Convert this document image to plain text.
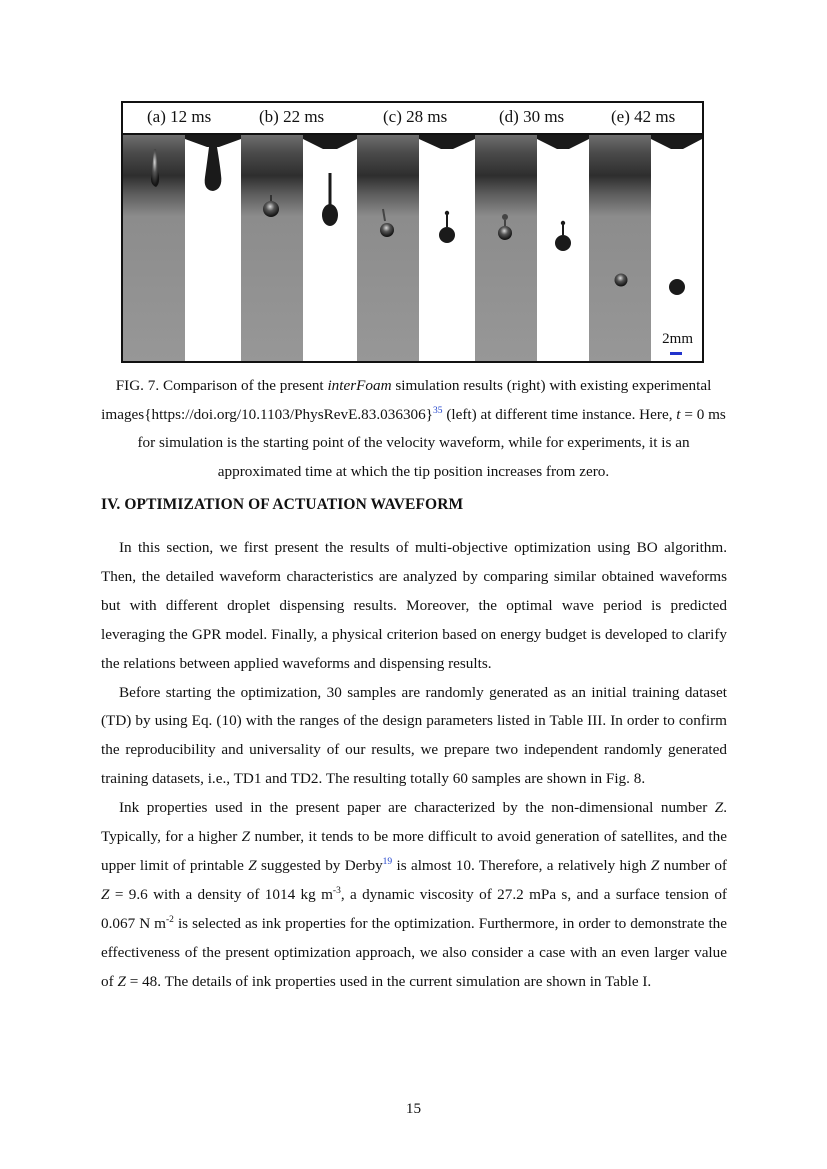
(a) 12 ms	(b) 22 ms	(c) 28 ms	(d) 30 ms	(e) 42 ms
2mm
FIG. 7. Comparison of the present interFoam simulation results (right) with existing experimental images{https://doi.org/10.1103/PhysRevE.83.036306}$^{35}$ (left) at different time instance. Here, t = 0 ms for simulation is the starting point of the velocity waveform, while for experiments, it is an approximated time at which the tip position increases from zero.
IV. OPTIMIZATION OF ACTUATION WAVEFORM

In this section, we first present the results of multi-objective optimization using BO algorithm. Then, the detailed waveform characteristics are analyzed by comparing similar obtained waveforms but with different droplet dispensing results. Moreover, the optimal wave period is predicted leveraging the GPR model. Finally, a physical criterion based on energy budget is developed to clarify the relations between applied waveforms and dispensing results.

Before starting the optimization, 30 samples are randomly generated as an initial training dataset (TD) by using Eq. (10) with the ranges of the design parameters listed in Table III. In order to confirm the reproducibility and universality of our results, we prepare two independent randomly generated training datasets, i.e., TD1 and TD2. The resulting totally 60 samples are shown in Fig. 8.

Ink properties used in the present paper are characterized by the non-dimensional number Z. Typically, for a higher Z number, it tends to be more difficult to avoid generation of satellites, and the upper limit of printable Z suggested by Derby$^{19}$ is almost 10. Therefore, a relatively high Z number of Z = 9.6 with a density of 1014 kg $m^{-3}$, a dynamic viscosity of 27.2 mPa s, and a surface tension of 0.067 N $m^{-2}$ is selected as ink properties for the optimization. Furthermore, in order to demonstrate the effectiveness of the present optimization approach, we also consider a case with an even larger value of Z = 48. The details of ink properties used in the current simulation are shown in Table I.

15
